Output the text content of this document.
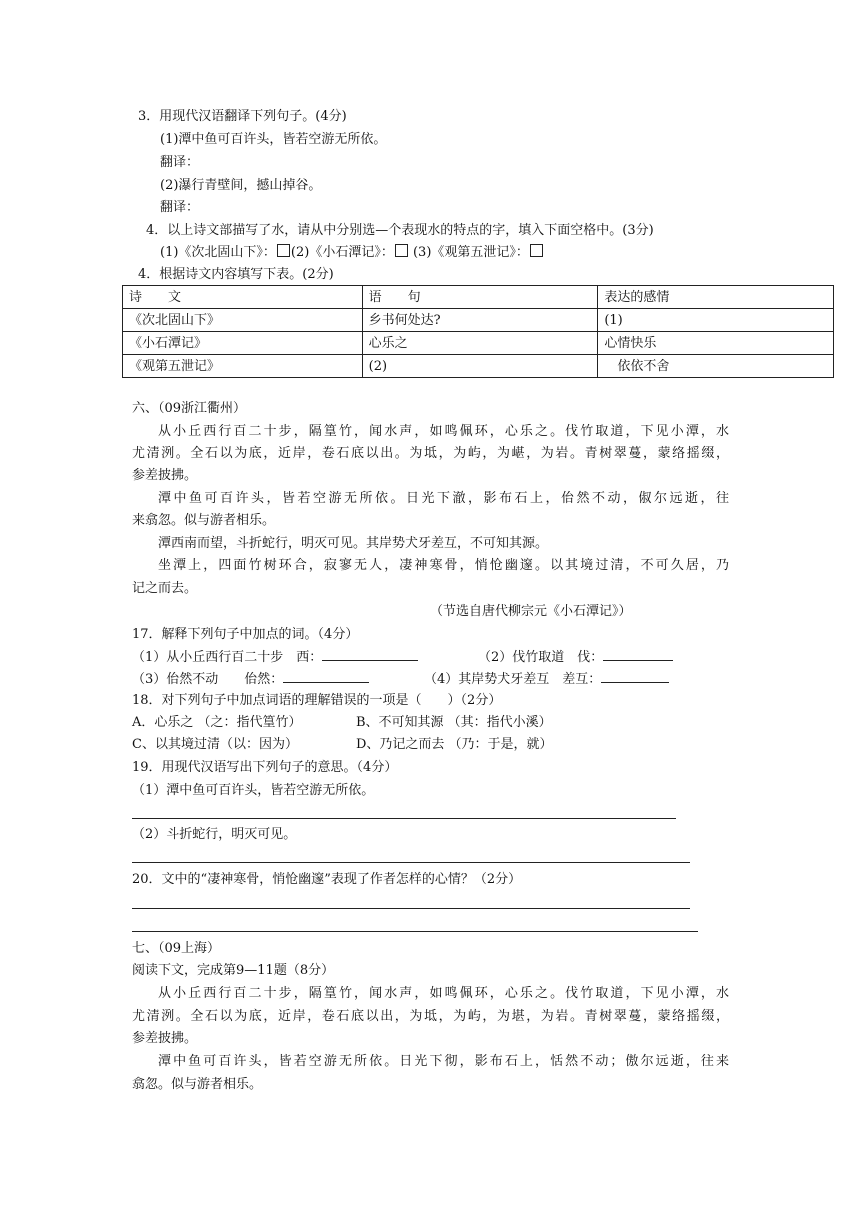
3．用现代汉语翻译下列句子。(4分)
(1)潭中鱼可百许头，皆若空游无所依。
翻译：
(2)瀑行青壁间，撼山掉谷。
翻译：
4．以上诗文部描写了水，请从中分别选—个表现水的特点的字，填入下面空格中。(3分)
(1)《次北固山下》： (2)《小石潭记》： (3)《观第五泄记》：
4．根据诗文内容填写下表。(2分)
诗　　文	语　　句	表达的感情
《次北固山下》	乡书何处达?	(1)
《小石潭记》	心乐之	心情快乐
《观第五泄记》	(2)	　依依不舍
六、（09浙江衢州）
从小丘西行百二十步，隔篁竹，闻水声，如鸣佩环，心乐之。伐竹取道，下见小潭，水
尤清洌。全石以为底，近岸，卷石底以出。为坻，为屿，为嵁，为岩。青树翠蔓，蒙络摇缀，
参差披拂。
潭中鱼可百许头，皆若空游无所依。日光下澈，影布石上，佁然不动，俶尔远逝，往
来翕忽。似与游者相乐。
潭西南而望，斗折蛇行，明灭可见。其岸势犬牙差互，不可知其源。
坐潭上，四面竹树环合，寂寥无人，凄神寒骨，悄怆幽邃。以其境过清，不可久居，乃
记之而去。
（节选自唐代柳宗元《小石潭记》）
17．解释下列句子中加点的词。（4分）
（1）从小丘西行百二十步　西：	（2）伐竹取道　伐：
（3）佁然不动　　佁然：	（4）其岸势犬牙差互　差互：
18．对下列句子中加点词语的理解错误的一项是（　　）（2分）
A．心乐之 （之：指代篁竹）	B、不可知其源 （其：指代小溪）
C、以其境过清（以：因为）	D、乃记之而去 （乃：于是，就）
19．用现代汉语写出下列句子的意思。（4分）
（1）潭中鱼可百许头，皆若空游无所依。
（2）斗折蛇行，明灭可见。
20．文中的“凄神寒骨，悄怆幽邃”表现了作者怎样的心情？（2分）
七、（09上海）
阅读下文，完成第9—11题（8分）
从小丘西行百二十步，隔篁竹，闻水声，如鸣佩环，心乐之。伐竹取道，下见小潭，水
尤清洌。全石以为底，近岸，卷石底以出，为坻，为屿，为堪，为岩。青树翠蔓，蒙络摇缀，
参差披拂。
潭中鱼可百许头，皆若空游无所依。日光下彻，影布石上，恬然不动；傲尔远逝，往来
翕忽。似与游者相乐。
